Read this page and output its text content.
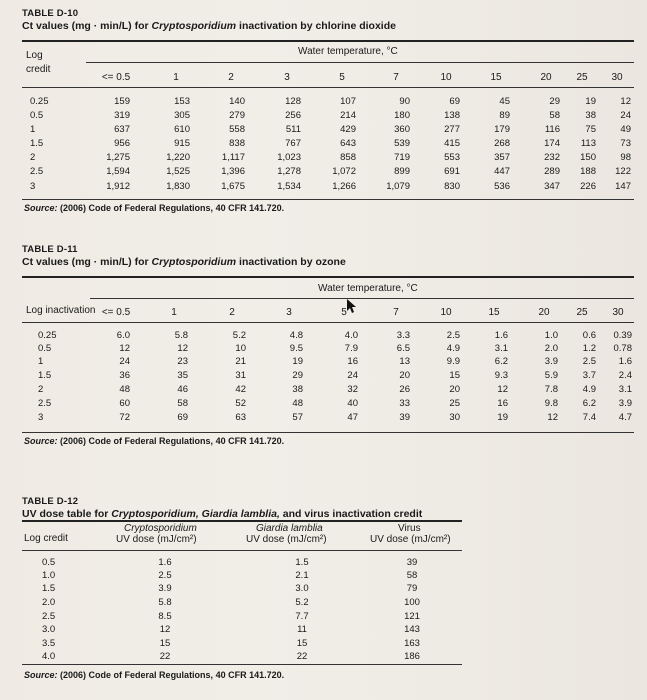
TABLE D-10
Ct values (mg · min/L) for Cryptosporidium inactivation by chlorine dioxide
Log
credit
Water temperature, °C
<= 0.5	1	2	3	5	7	10	15	20	25	30
0.25	159	153	140	128	107	90	69	45	29	19	12
0.5	319	305	279	256	214	180	138	89	58	38	24
1	637	610	558	511	429	360	277	179	116	75	49
1.5	956	915	838	767	643	539	415	268	174	113	73
2	1,275	1,220	1,117	1,023	858	719	553	357	232	150	98
2.5	1,594	1,525	1,396	1,278	1,072	899	691	447	289	188	122
3	1,912	1,830	1,675	1,534	1,266	1,079	830	536	347	226	147
Source: (2006) Code of Federal Regulations, 40 CFR 141.720.
TABLE D-11
Ct values (mg · min/L) for Cryptosporidium inactivation by ozone
Water temperature, °C
Log inactivation <= 0.5	1	2	3	5	7	10	15	20	25	30
0.25	6.0	5.8	5.2	4.8	4.0	3.3	2.5	1.6	1.0	0.6	0.39
0.5	12	12	10	9.5	7.9	6.5	4.9	3.1	2.0	1.2	0.78
1	24	23	21	19	16	13	9.9	6.2	3.9	2.5	1.6
1.5	36	35	31	29	24	20	15	9.3	5.9	3.7	2.4
2	48	46	42	38	32	26	20	12	7.8	4.9	3.1
2.5	60	58	52	48	40	33	25	16	9.8	6.2	3.9
3	72	69	63	57	47	39	30	19	12	7.4	4.7
Source: (2006) Code of Federal Regulations, 40 CFR 141.720.
TABLE D-12
UV dose table for Cryptosporidium, Giardia lamblia, and virus inactivation credit
Log credit
Cryptosporidium
UV dose (mJ/cm²)
Giardia lamblia
UV dose (mJ/cm²)
Virus
UV dose (mJ/cm²)
0.5	1.6	1.5	39
1.0	2.5	2.1	58
1.5	3.9	3.0	79
2.0	5.8	5.2	100
2.5	8.5	7.7	121
3.0	12	11	143
3.5	15	15	163
4.0	22	22	186
Source: (2006) Code of Federal Regulations, 40 CFR 141.720.
